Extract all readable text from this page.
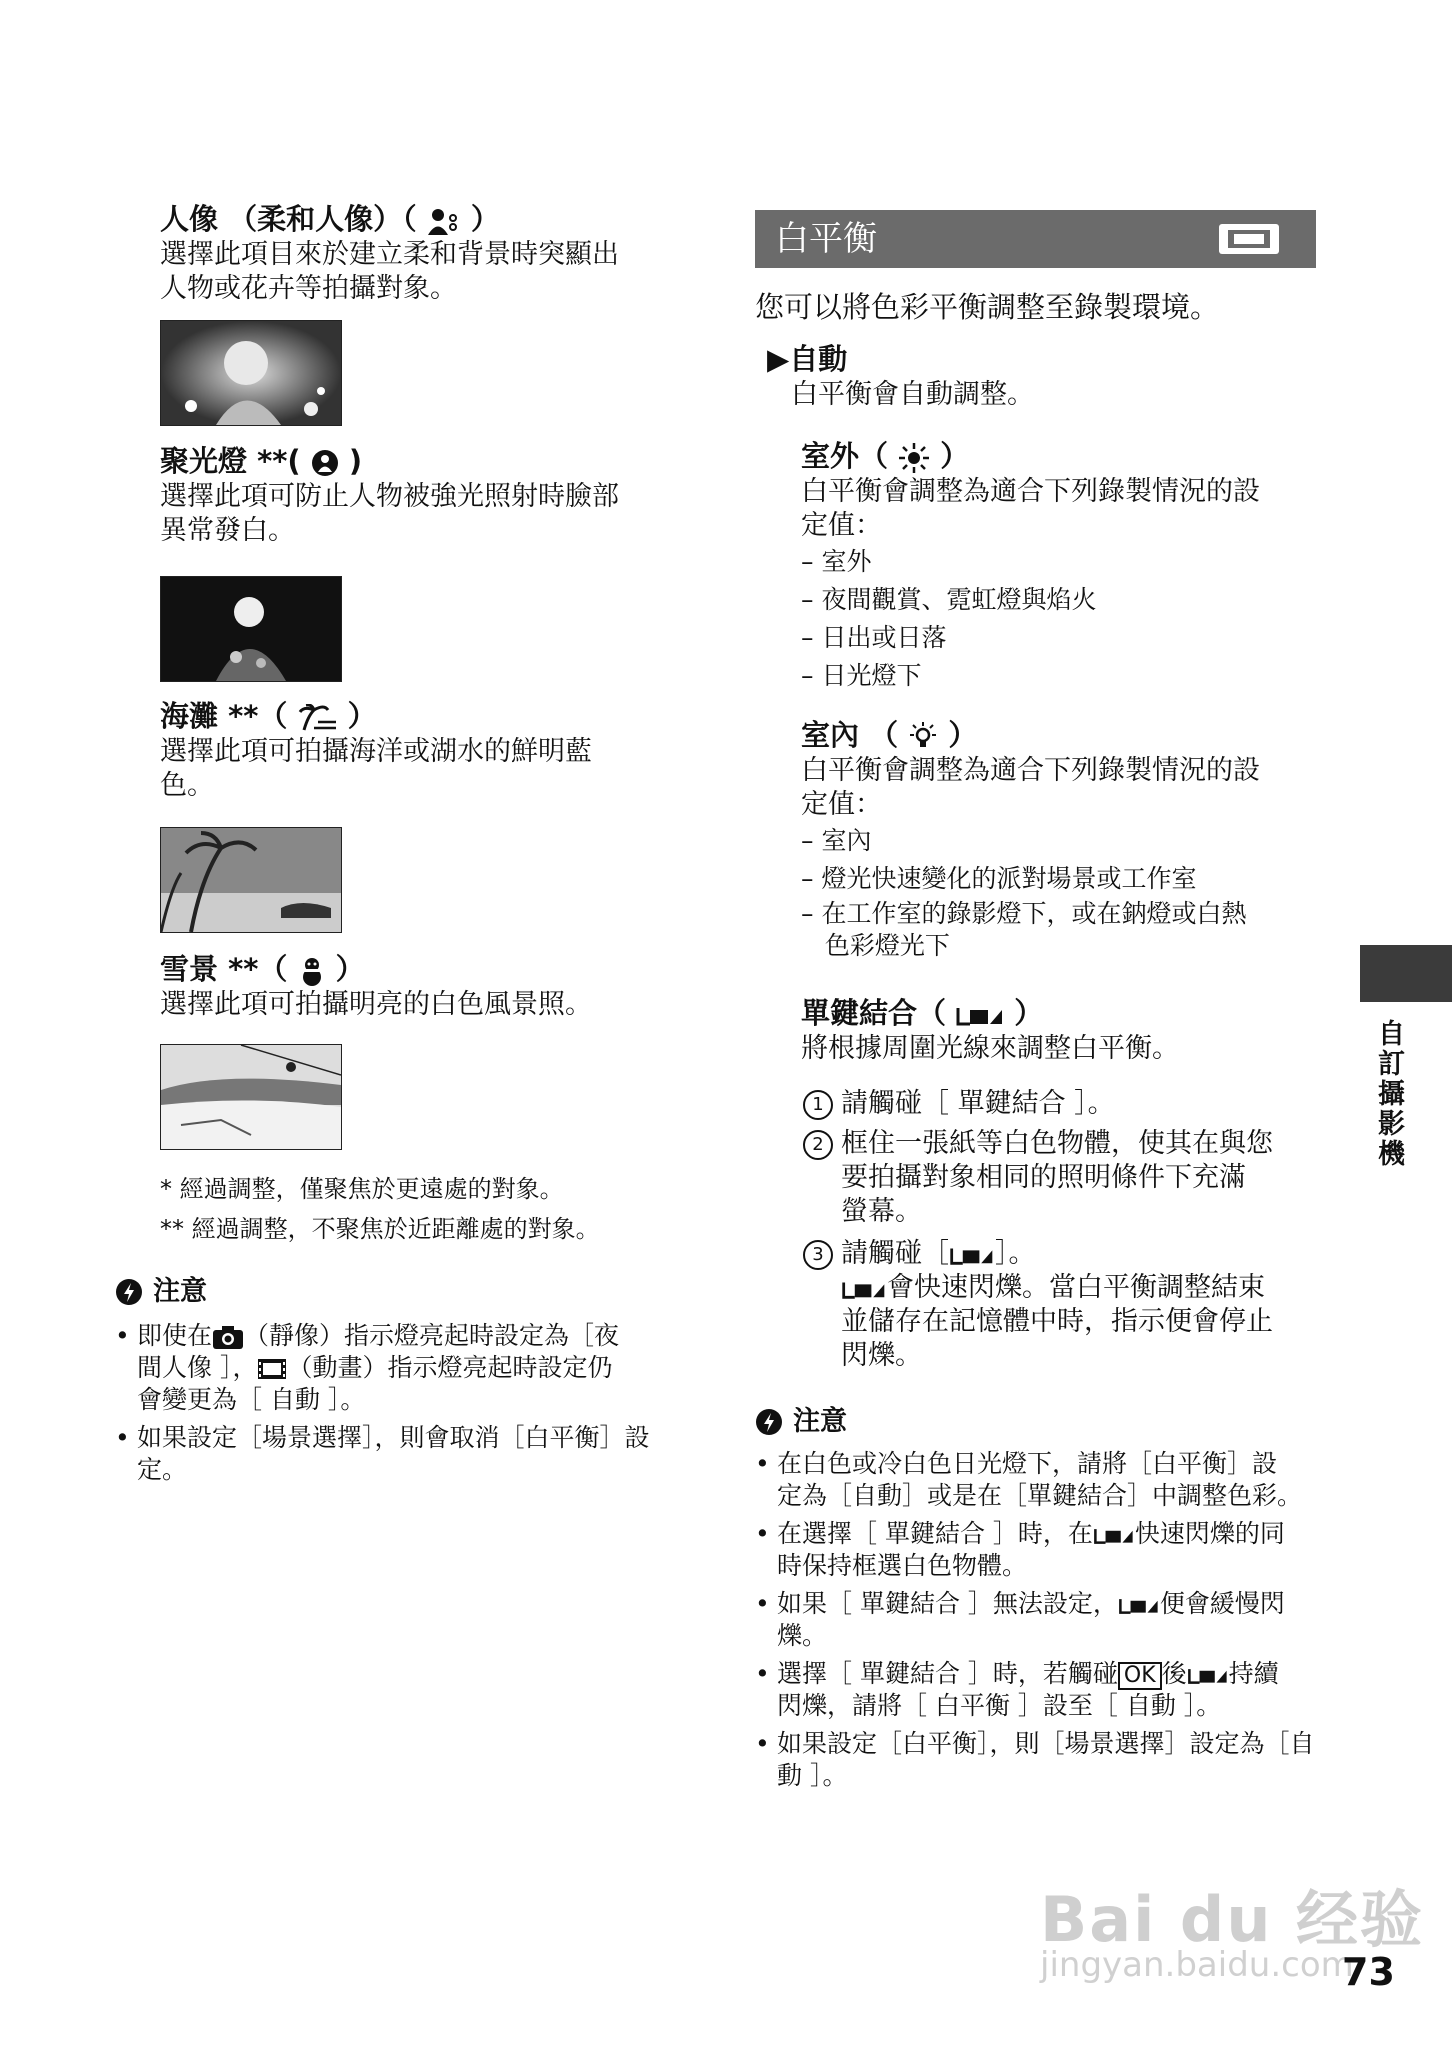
人像 （柔和人像）（ ）

選擇此項目來於建立柔和背景時突顯出

人物或花卉等拍攝對象。

聚光燈 **( )

選擇此項可防止人物被強光照射時臉部

異常發白。

海灘 **（ ）

選擇此項可拍攝海洋或湖水的鮮明藍

色。

雪景 **（ ）

選擇此項可拍攝明亮的白色風景照。

* 經過調整，僅聚焦於更遠處的對象。
** 經過調整，不聚焦於近距離處的對象。
注意
• 即使在 （靜像）指示燈亮起時設定為［夜
間人像 ］， （動畫）指示燈亮起時設定仍
會變更為［ 自動 ］。
• 如果設定［場景選擇］，則會取消［白平衡］設定。
白平衡

您可以將色彩平衡調整至錄製環境。

▶自動

白平衡會自動調整。

室外（ ）

白平衡會調整為適合下列錄製情況的設

定值：

– 室外

– 夜間觀賞、霓虹燈與焰火

– 日出或日落

– 日光燈下

室內 （ ）

白平衡會調整為適合下列錄製情況的設

定值：

– 室內

– 燈光快速變化的派對場景或工作室

– 在工作室的錄影燈下，或在鈉燈或白熱

色彩燈光下

單鍵結合（ ）

將根據周圍光線來調整白平衡。

1 請觸碰［ 單鍵結合 ］。
2 框住一張紙等白色物體，使其在與您
要拍攝對象相同的照明條件下充滿
螢幕。
3 請觸碰［ ］。
會快速閃爍。當白平衡調整結束
並儲存在記憶體中時，指示便會停止
閃爍。
注意
• 在白色或冷白色日光燈下，請將［白平衡］設
定為［自動］或是在［單鍵結合］中調整色彩。
• 在選擇［ 單鍵結合 ］時，在 快速閃爍的同
時保持框選白色物體。
• 如果［ 單鍵結合 ］無法設定， 便會緩慢閃
爍。
• 選擇［ 單鍵結合 ］時，若觸碰 OK 後 持續
閃爍，請將［ 白平衡 ］設至［ 自動 ］。
• 如果設定［白平衡］，則［場景選擇］設定為［自
動 ］。
自訂攝影機
Bai du 经验
jingyan.baidu.com
73
